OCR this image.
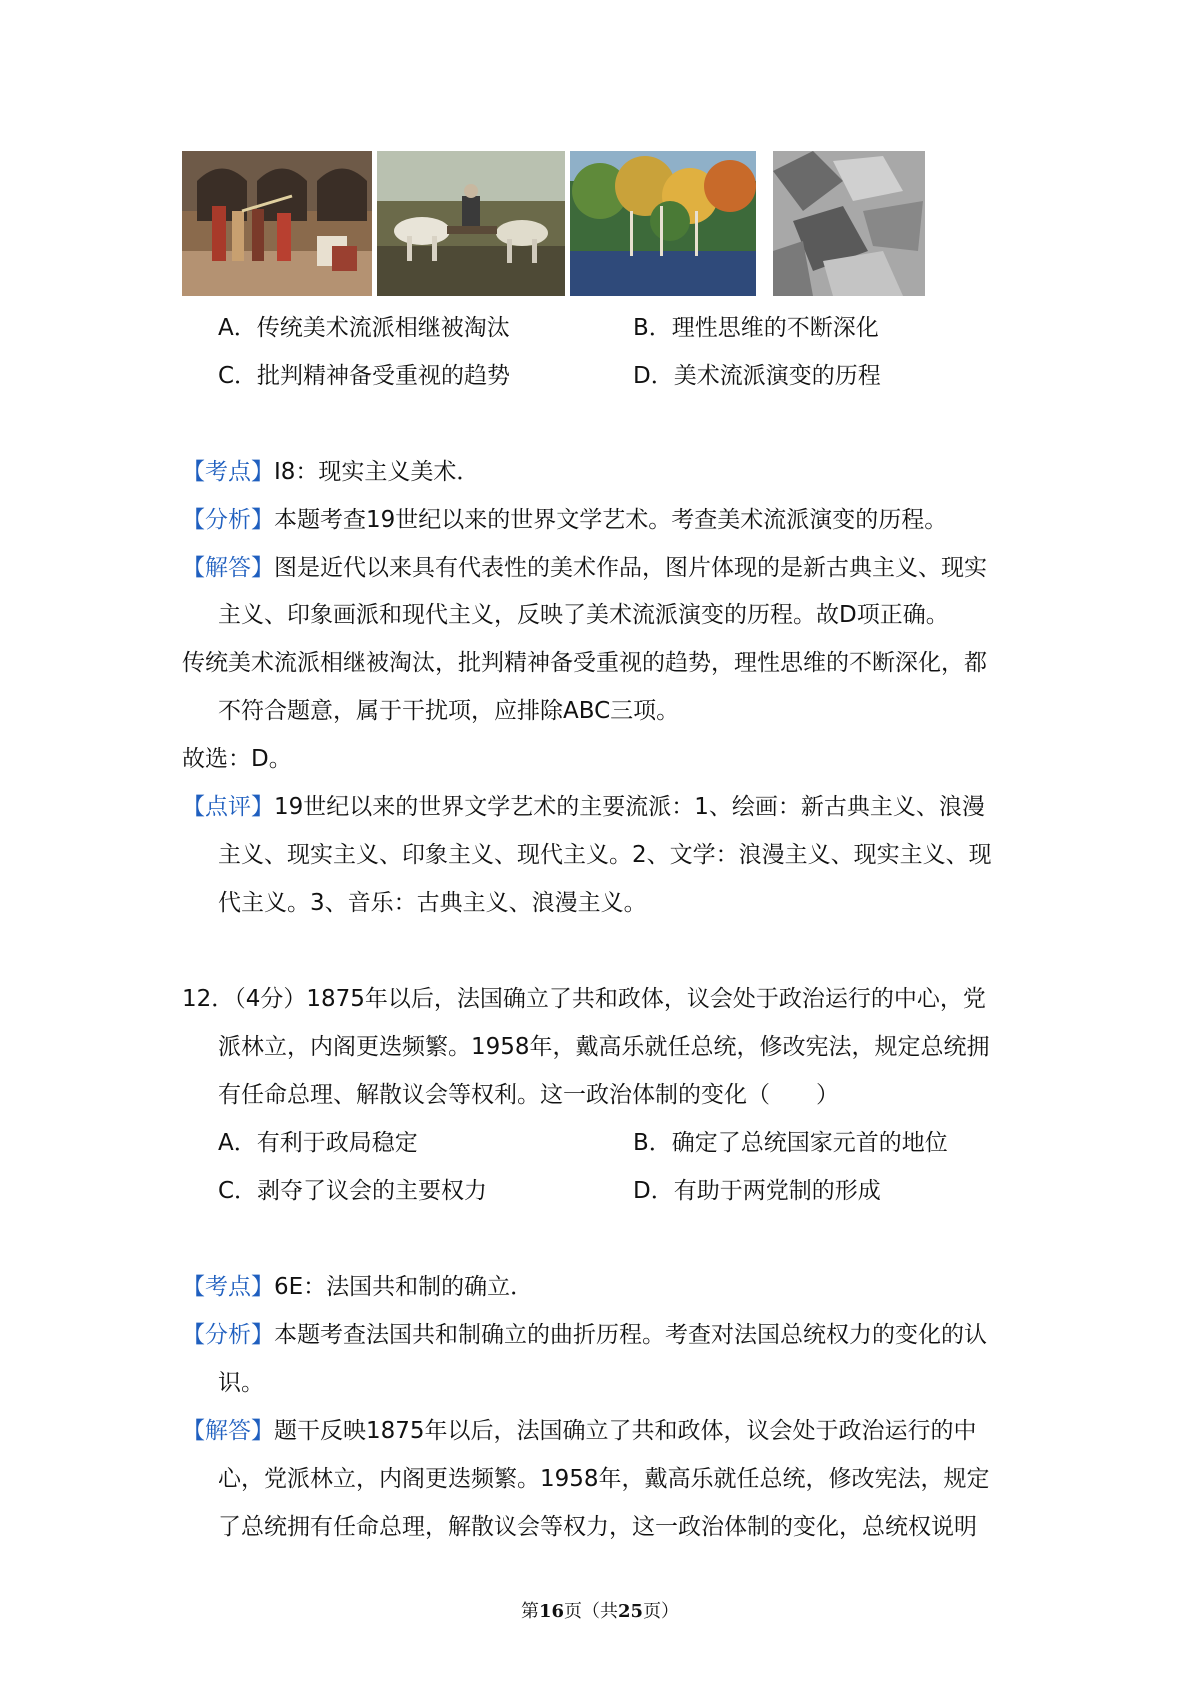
A．传统美术流派相继被淘汰	B．理性思维的不断深化
C．批判精神备受重视的趋势	D．美术流派演变的历程
【考点】I8：现实主义美术．
【分析】本题考查19世纪以来的世界文学艺术。考查美术流派演变的历程。
【解答】图是近代以来具有代表性的美术作品，图片体现的是新古典主义、现实
主义、印象画派和现代主义，反映了美术流派演变的历程。故D项正确。
传统美术流派相继被淘汰，批判精神备受重视的趋势，理性思维的不断深化，都
不符合题意，属于干扰项，应排除ABC三项。
故选：D。
【点评】19世纪以来的世界文学艺术的主要流派：1、绘画：新古典主义、浪漫
主义、现实主义、印象主义、现代主义。2、文学：浪漫主义、现实主义、现
代主义。3、音乐：古典主义、浪漫主义。
12．（4分）1875年以后，法国确立了共和政体，议会处于政治运行的中心，党
派林立，内阁更迭频繁。1958年，戴高乐就任总统，修改宪法，规定总统拥
有任命总理、解散议会等权利。这一政治体制的变化（　　）
A．有利于政局稳定	B．确定了总统国家元首的地位
C．剥夺了议会的主要权力	D．有助于两党制的形成
【考点】6E：法国共和制的确立．
【分析】本题考查法国共和制确立的曲折历程。考查对法国总统权力的变化的认
识。
【解答】题干反映1875年以后，法国确立了共和政体，议会处于政治运行的中
心，党派林立，内阁更迭频繁。1958年，戴高乐就任总统，修改宪法，规定
了总统拥有任命总理，解散议会等权力，这一政治体制的变化，总统权说明
第16页（共25页）
